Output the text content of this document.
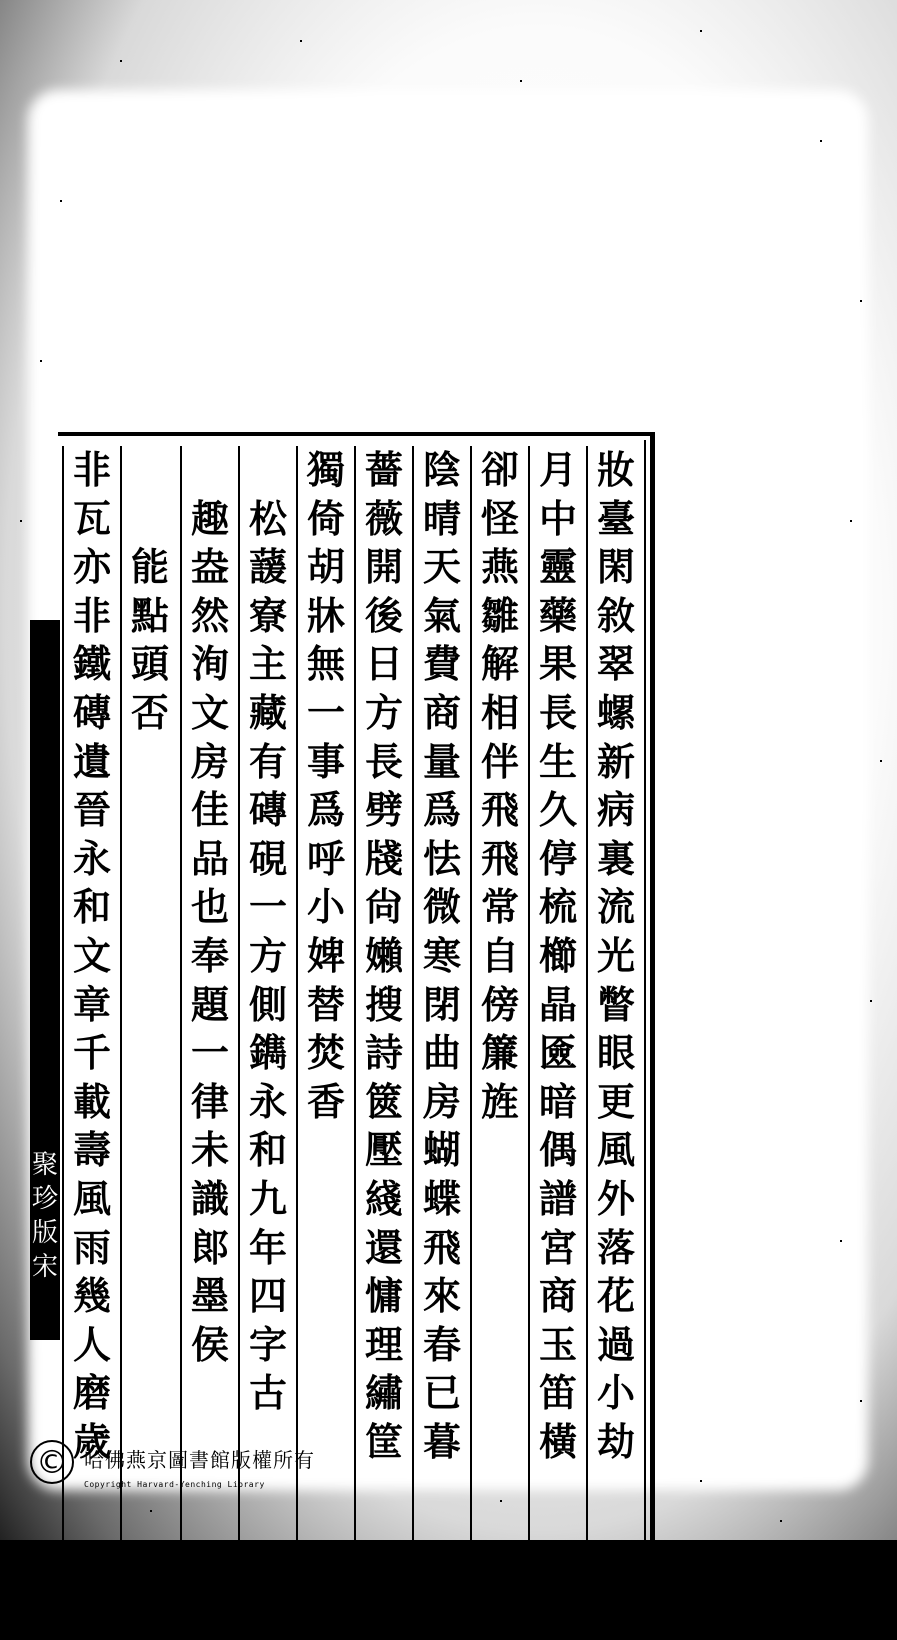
聚
珍
版
宋
妝
臺
閑
敘
翠
螺
新
病
裏
流
光
瞥
眼
更
風
外
落
花
過
小
劫
月
中
靈
藥
果
長
生
久
停
梳
櫛
晶
匳
暗
偶
譜
宮
商
玉
笛
橫
卻
怪
燕
雛
解
相
伴
飛
飛
常
自
傍
簾
旌
陰
晴
天
氣
費
商
量
爲
怯
微
寒
閉
曲
房
蝴
蝶
飛
來
春
已
暮
薔
薇
開
後
日
方
長
劈
牋
尙
嬾
搜
詩
篋
壓
綫
還
慵
理
繡
筐
獨
倚
胡
牀
無
一
事
爲
呼
小
婢
替
焚
香
松
蘐
寮
主
藏
有
磚
硯
一
方
側
鐫
永
和
九
年
四
字
古
趣
盎
然
洵
文
房
佳
品
也
奉
題
一
律
未
識
郞
墨
侯
能
點
頭
否
非
瓦
亦
非
鐵
磚
遺
晉
永
和
文
章
千
載
壽
風
雨
幾
人
磨
歲
© 哈佛燕京圖書館版權所有
Copyright Harvard-Yenching Library
